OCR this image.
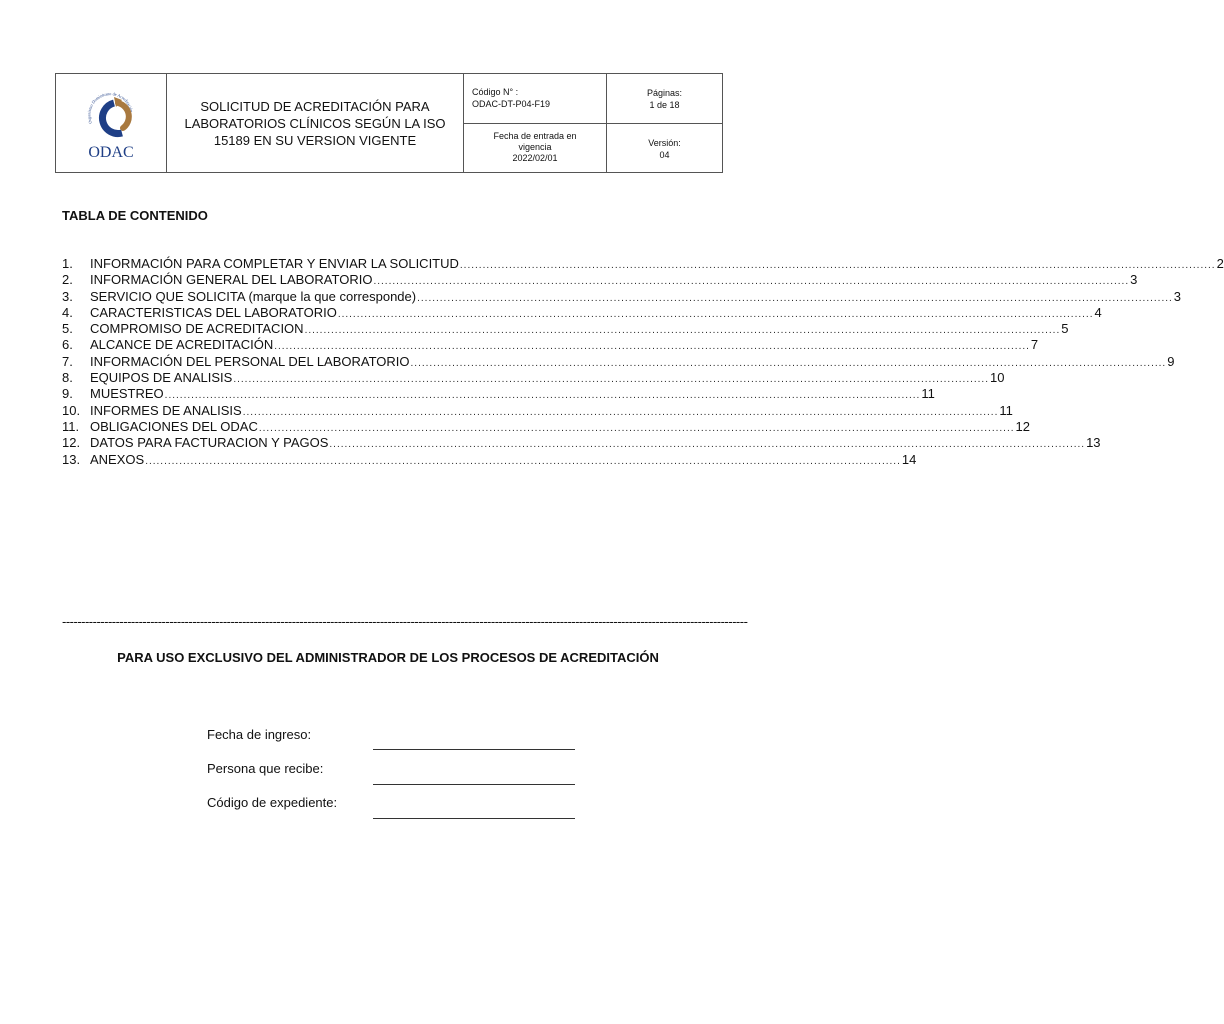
Organismo Dominicano de Acreditación
ODAC
SOLICITUD DE ACREDITACIÓN PARA LABORATORIOS CLÍNICOS SEGÚN LA ISO 15189 EN SU VERSION VIGENTE
Código N° :
ODAC-DT-P04-F19
Fecha de entrada en vigencia
2022/02/01
Páginas:
1 de 18
Versión:
04
TABLA DE CONTENIDO
1.	INFORMACIÓN PARA COMPLETAR Y ENVIAR LA SOLICITUD ........................................................................................................................................................................................................ 2
2.	INFORMACIÓN GENERAL DEL LABORATORIO ........................................................................................................................................................................................................ 3
3.	SERVICIO QUE SOLICITA (marque la que corresponde) ........................................................................................................................................................................................................ 3
4.	CARACTERISTICAS DEL LABORATORIO ........................................................................................................................................................................................................ 4
5.	COMPROMISO DE ACREDITACION ........................................................................................................................................................................................................ 5
6.	ALCANCE DE ACREDITACIÓN ........................................................................................................................................................................................................ 7
7.	INFORMACIÓN DEL PERSONAL DEL LABORATORIO ........................................................................................................................................................................................................ 9
8.	EQUIPOS DE ANALISIS ........................................................................................................................................................................................................ 10
9.	MUESTREO ........................................................................................................................................................................................................ 11
10. INFORMES DE ANALISIS ........................................................................................................................................................................................................ 11
11. OBLIGACIONES DEL ODAC ........................................................................................................................................................................................................ 12
12. DATOS PARA FACTURACION Y PAGOS ........................................................................................................................................................................................................ 13
13. ANEXOS ........................................................................................................................................................................................................ 14
-----------------------------------------------------------------------------------------------------------------------------------------------------------------------------------
PARA USO EXCLUSIVO DEL ADMINISTRADOR DE LOS PROCESOS DE ACREDITACIÓN
Fecha de ingreso:
Persona que recibe:
Código de expediente:
